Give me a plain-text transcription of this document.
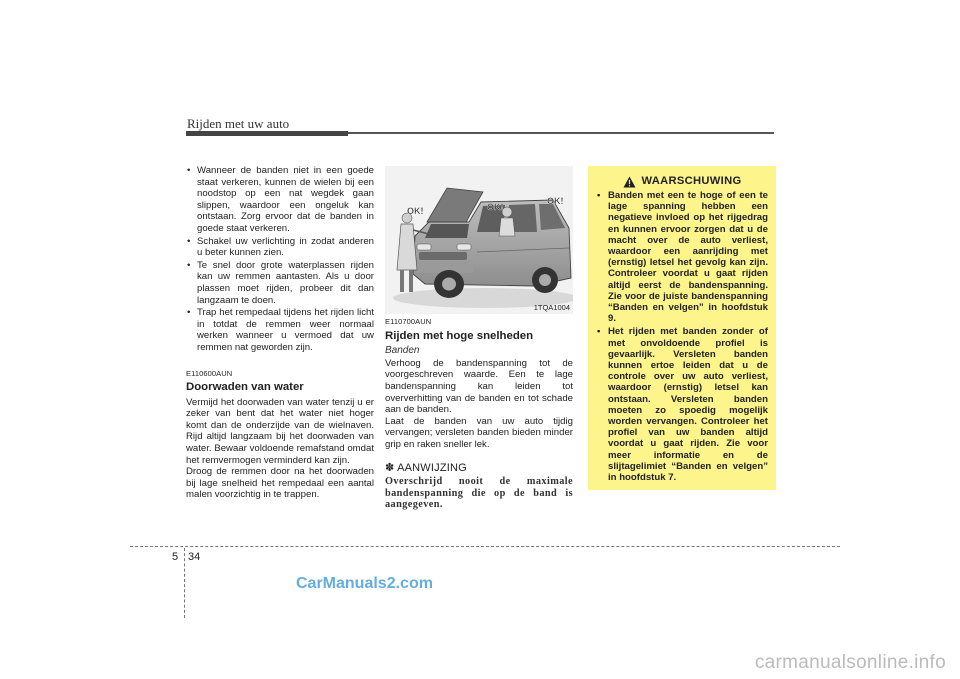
Rijden met uw auto
• Wanneer de banden niet in een goede staat verkeren, kunnen de wielen bij een noodstop op een nat wegdek gaan slippen, waardoor een ongeluk kan ontstaan. Zorg ervoor dat de banden in goede staat verkeren.
• Schakel uw verlichting in zodat anderen u beter kunnen zien.
• Te snel door grote waterplassen rijden kan uw remmen aantasten. Als u door plassen moet rijden, probeer dit dan langzaam te doen.
• Trap het rempedaal tijdens het rijden licht in totdat de remmen weer normaal werken wanneer u vermoed dat uw remmen nat geworden zijn.
E110600AUN
Doorwaden van water

Vermijd het doorwaden van water tenzij u er zeker van bent dat het water niet hoger komt dan de onderzijde van de wielnaven. Rijd altijd langzaam bij het doorwaden van water. Bewaar voldoende remafstand omdat het remvermogen verminderd kan zijn.

Droog de remmen door na het doorwaden bij lage snelheid het rempedaal een aantal malen voorzichtig in te trappen.

OK!	OK!
OK!
1TQA1004
E110700AUN
Rijden met hoge snelheden
Banden

Verhoog de bandenspanning tot de voorgeschreven waarde. Een te lage bandenspanning kan leiden tot oververhitting van de banden en tot schade aan de banden.

Laat de banden van uw auto tijdig vervangen; versleten banden bieden minder grip en raken sneller lek.

✽ AANWIJZING
Overschrijd nooit de maximale bandenspanning die op de band is aangegeven.
WAARSCHUWING
• Banden met een te hoge of een te lage spanning hebben een negatieve invloed op het rijgedrag en kunnen ervoor zorgen dat u de macht over de auto verliest, waardoor een aanrijding met (ernstig) letsel het gevolg kan zijn. Controleer voordat u gaat rijden altijd eerst de bandenspanning. Zie voor de juiste bandenspanning “Banden en velgen” in hoofdstuk 9.
• Het rijden met banden zonder of met onvoldoende profiel is gevaarlijk. Versleten banden kunnen ertoe leiden dat u de controle over uw auto verliest, waardoor (ernstig) letsel kan ontstaan. Versleten banden moeten zo spoedig mogelijk worden vervangen. Controleer het profiel van uw banden altijd voordat u gaat rijden. Zie voor meer informatie en de slijtagelimiet “Banden en velgen” in hoofdstuk 7.
5 34
CarManuals2.com
carmanualsonline.info
